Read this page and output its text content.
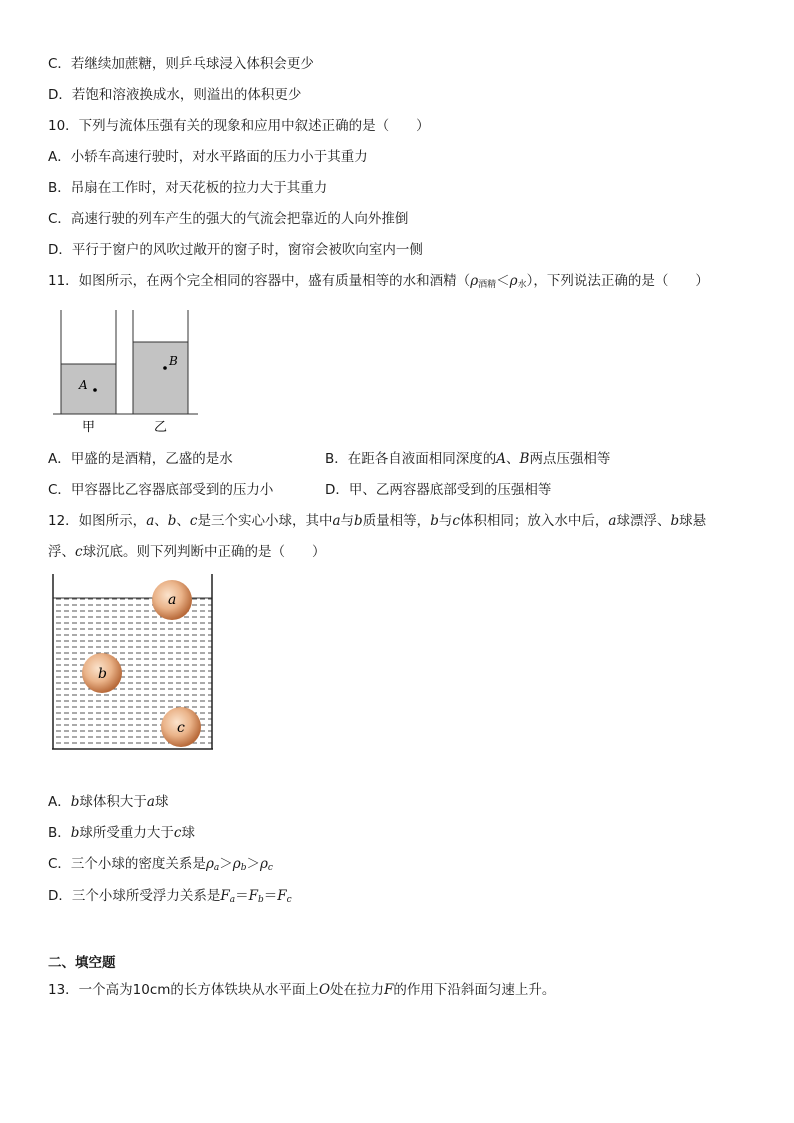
C．若继续加蔗糖，则乒乓球浸入体积会更少
D．若饱和溶液换成水，则溢出的体积更少
10．下列与流体压强有关的现象和应用中叙述正确的是（　　）
A．小轿车高速行驶时，对水平路面的压力小于其重力
B．吊扇在工作时，对天花板的拉力大于其重力
C．高速行驶的列车产生的强大的气流会把靠近的人向外推倒
D．平行于窗户的风吹过敞开的窗子时，窗帘会被吹向室内一侧
11．如图所示，在两个完全相同的容器中，盛有质量相等的水和酒精$(\rho_{酒精}<\rho_水)$，下列说法正确的是（　　）
A
B
甲	乙
A．甲盛的是酒精，乙盛的是水	B．在距各自液面相同深度的A、B两点压强相等
C．甲容器比乙容器底部受到的压力小	D．甲、乙两容器底部受到的压强相等
12．如图所示，a、b、c是三个实心小球，其中a与b质量相等，b与c体积相同；放入水中后，a球漂浮、b球悬
浮、c球沉底。则下列判断中正确的是（　　）
a
b
c
A．b球体积大于a球
B．b球所受重力大于c球
C．三个小球的密度关系是$\rho_a>\rho_b>\rho_c$
D．三个小球所受浮力关系是$F_a=F_b=F_c$
二、填空题
13．一个高为10cm的长方体铁块从水平面上O处在拉力F的作用下沿斜面匀速上升。
